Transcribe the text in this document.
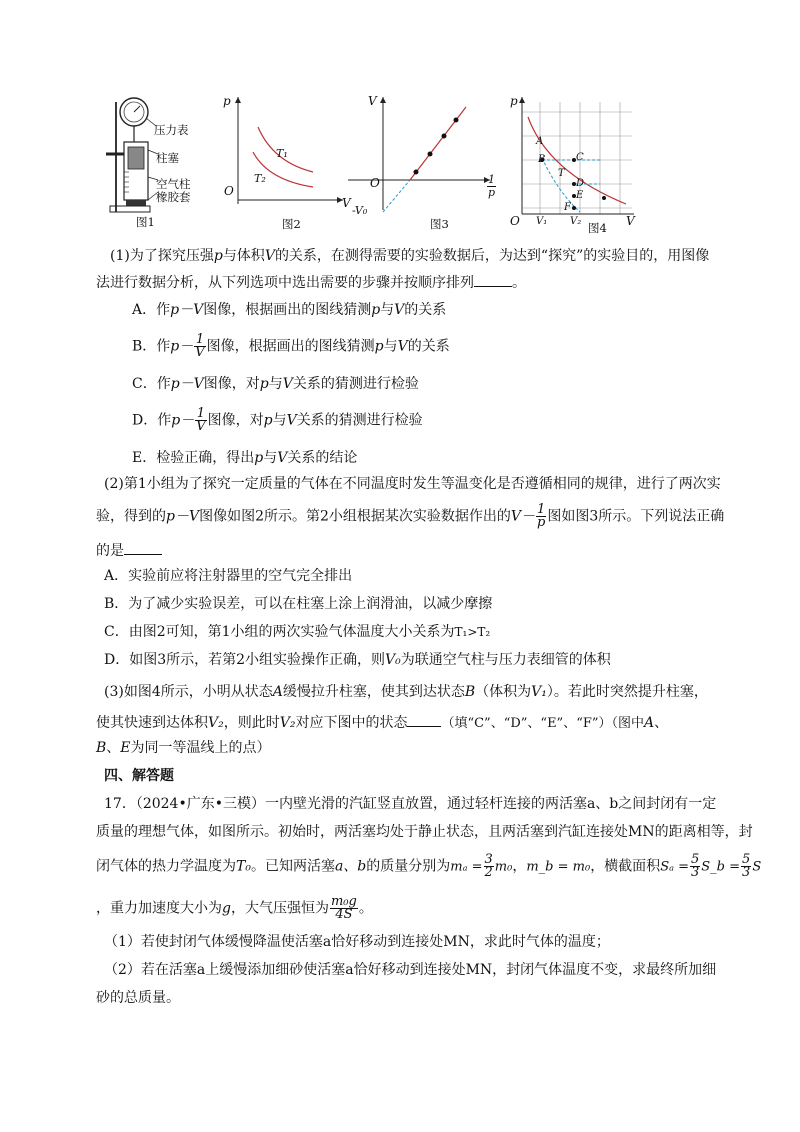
压力表
柱塞
空气柱
橡胶套
图1
p
V
O
T₁
T₂
图2
V
O
-V₀
$\frac{1}{p}$
图3
p
V
O
A
B	C
T
D
E
F
V₁ V₂ 图4
(1)为了探究压强p与体积V的关系，在测得需要的实验数据后，为达到“探究”的实验目的，用图像
法进行数据分析，从下列选项中选出需要的步骤并按顺序排列	。
A．作p－V图像，根据画出的图线猜测p与V的关系
B．作$p- \frac{1}{V}$ 图像，根据画出的图线猜测p与V的关系
C．作p－V图像，对p与V关系的猜测进行检验
D．作$p- \frac{1}{V}$ 图像，对p与V关系的猜测进行检验
E．检验正确，得出p与V关系的结论
(2)第1小组为了探究一定质量的气体在不同温度时发生等温变化是否遵循相同的规律，进行了两次实
验，得到的p－V图像如图2所示。第2小组根据某次实验数据作出的$V- \frac{1}{p}$ 图如图3所示。下列说法正确
的是
A．实验前应将注射器里的空气完全排出
B．为了减少实验误差，可以在柱塞上涂上润滑油，以减少摩擦
C．由图2可知，第1小组的两次实验气体温度大小关系为T₁>T₂
D．如图3所示，若第2小组实验操作正确，则V₀为联通空气柱与压力表细管的体积
(3)如图4所示，小明从状态A缓慢拉升柱塞，使其到达状态B（体积为V₁）。若此时突然提升柱塞，
使其快速到达体积V₂，则此时V₂对应下图中的状态	（填“C”、“D”、“E”、“F”）（图中A、
B、E为同一等温线上的点）
四、解答题
17．（2024•广东•三模）一内壁光滑的汽缸竖直放置，通过轻杆连接的两活塞a、b之间封闭有一定
质量的理想气体，如图所示。初始时，两活塞均处于静止状态，且两活塞到汽缸连接处MN的距离相等，封
闭气体的热力学温度为T₀。已知两活塞a、b的质量分别为$m_a = \frac{3}{2} m_0$，m_b = m₀，横截面积$S_a = \frac{5}{3}$ S_b = $\frac{5}{3}$ S
，重力加速度大小为g，大气压强恒为 $\frac{\text{m₀g}}{4S}$ 。
（1）若使封闭气体缓慢降温使活塞a恰好移动到连接处MN，求此时气体的温度；
（2）若在活塞a上缓慢添加细砂使活塞a恰好移动到连接处MN，封闭气体温度不变，求最终所加细
砂的总质量。
